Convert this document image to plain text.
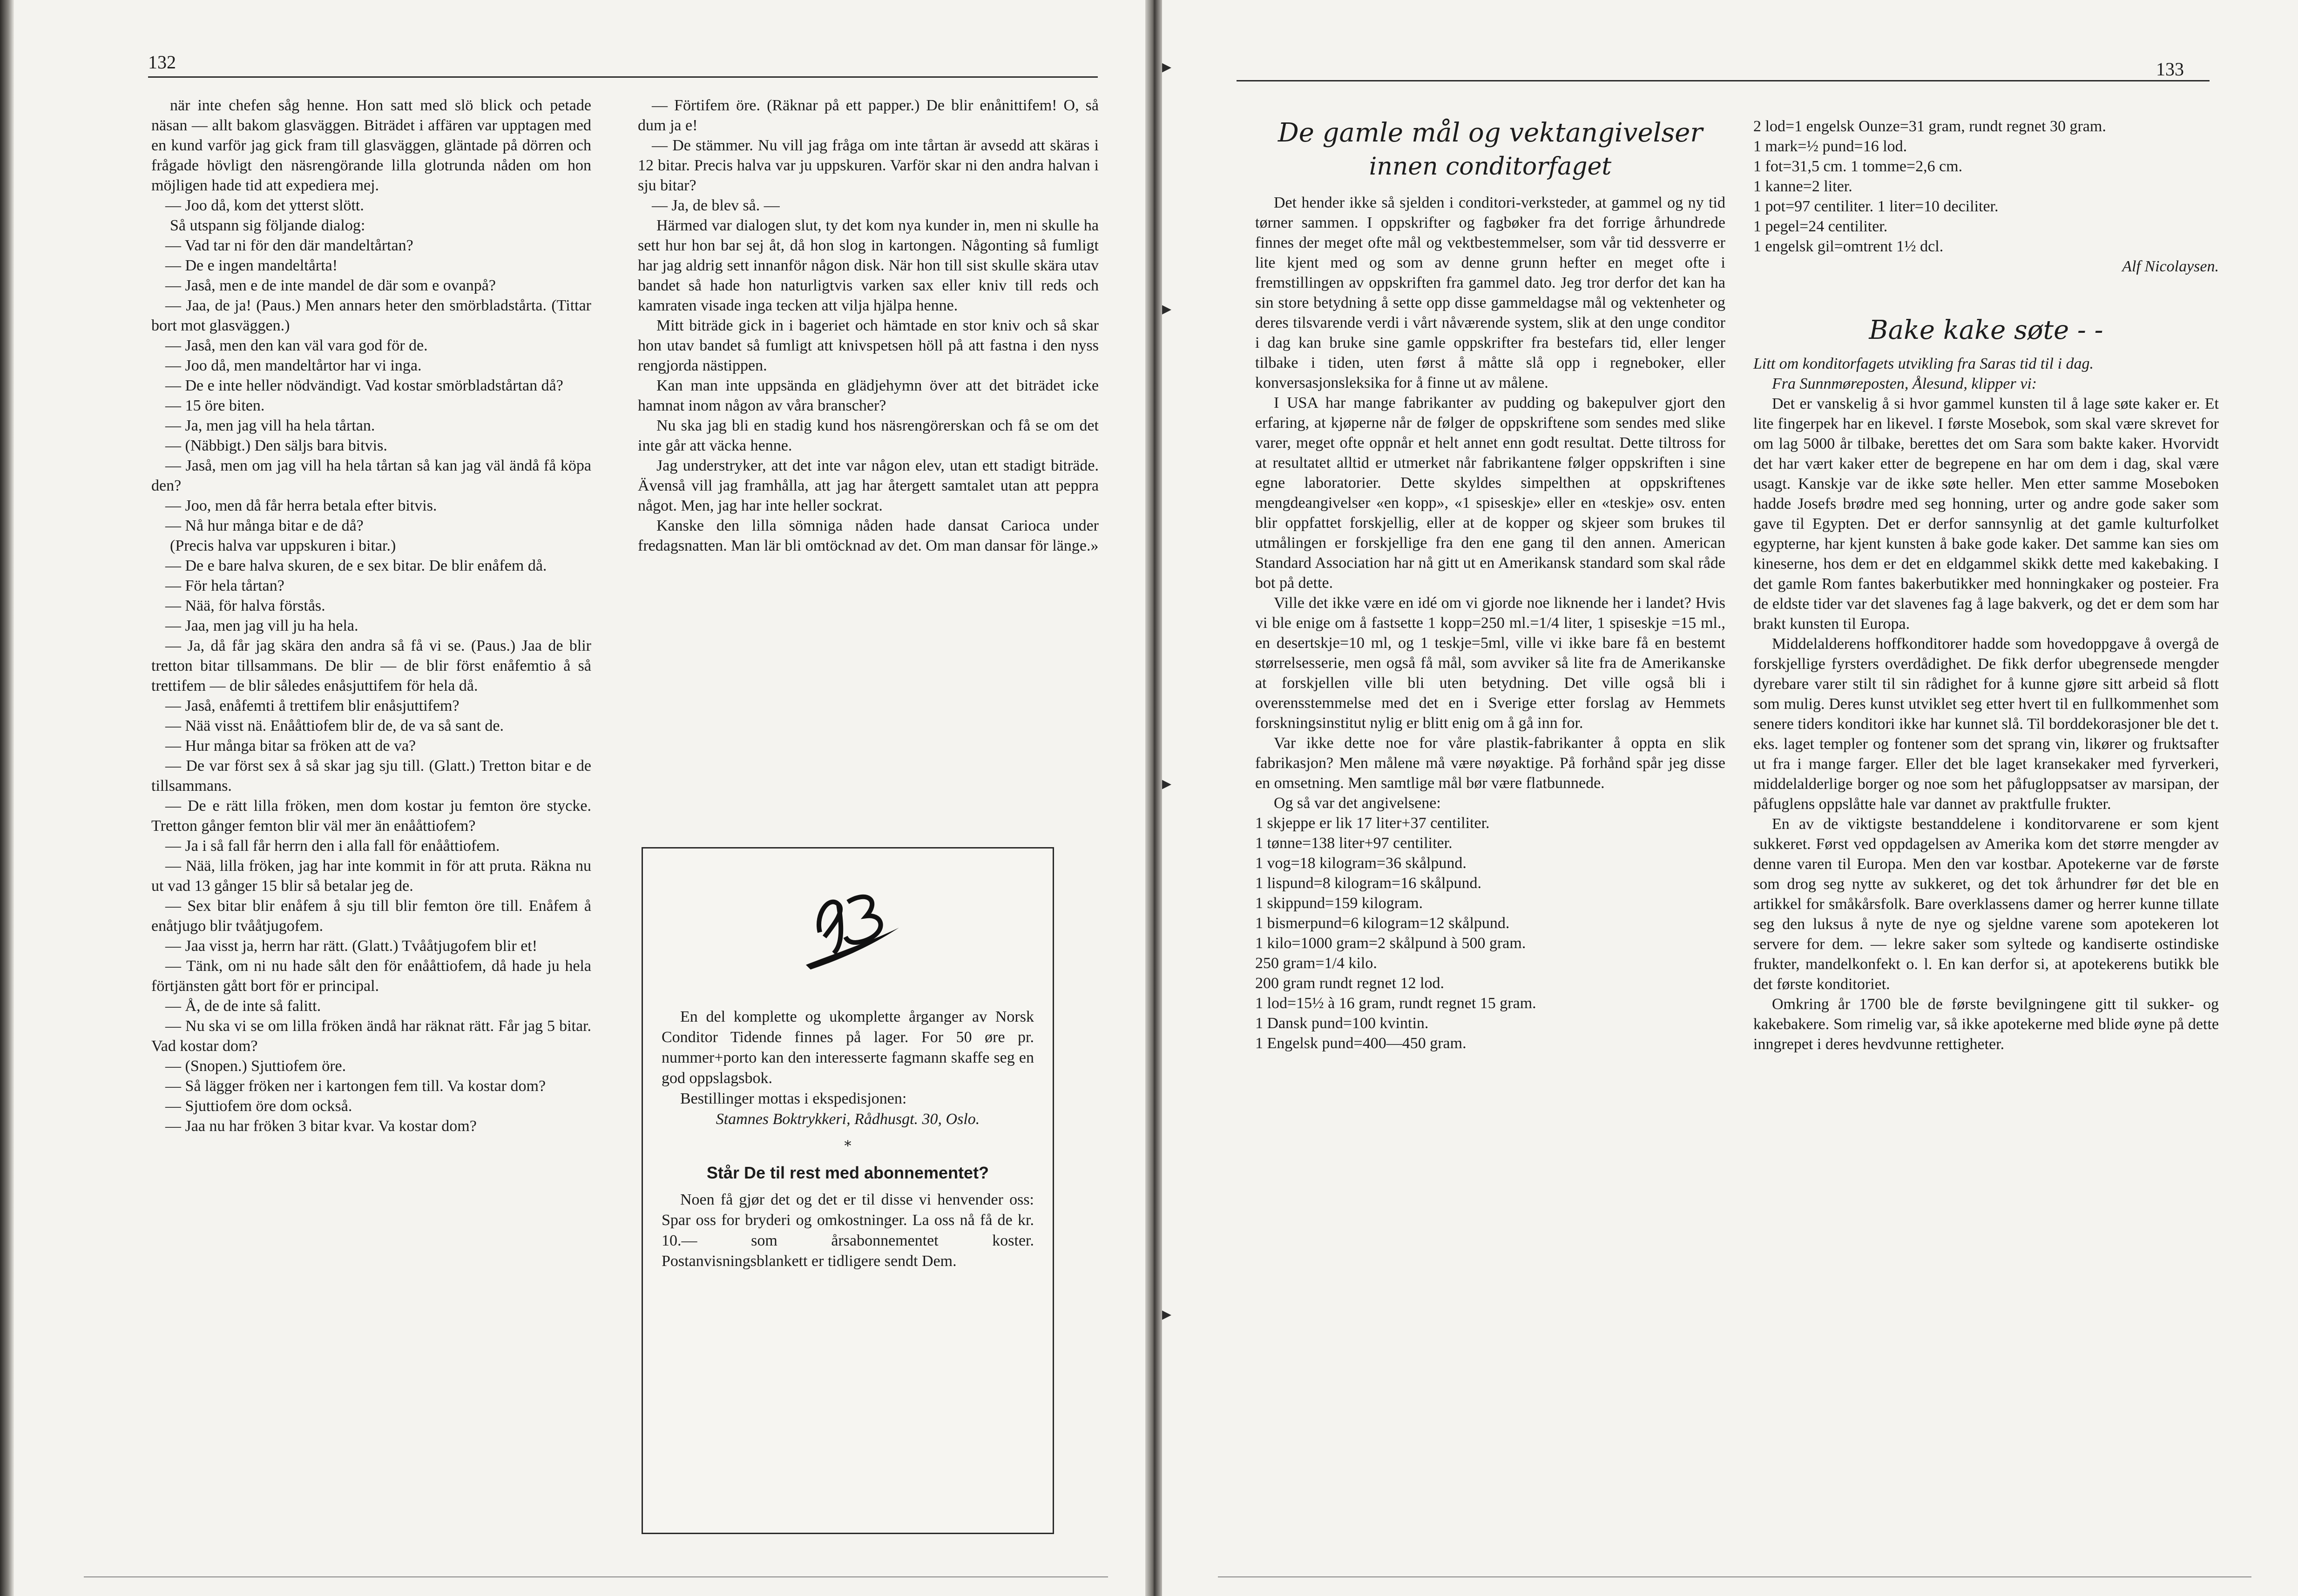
132

när inte chefen såg henne. Hon satt med slö blick och petade näsan — allt bakom glasväggen. Biträdet i affären var upptagen med en kund varför jag gick fram till glasväggen, gläntade på dörren och frågade hövligt den näsrengörande lilla glotrunda nåden om hon möjligen hade tid att expediera mej.

— Joo då, kom det ytterst slött.

Så utspann sig följande dialog:

— Vad tar ni för den där mandeltårtan?

— De e ingen mandeltårta!

— Jaså, men e de inte mandel de där som e ovanpå?

— Jaa, de ja! (Paus.) Men annars heter den smörbladstårta. (Tittar bort mot glasväggen.)

— Jaså, men den kan väl vara god för de.

— Joo då, men mandeltårtor har vi inga.

— De e inte heller nödvändigt. Vad kostar smörbladstårtan då?

— 15 öre biten.

— Ja, men jag vill ha hela tårtan.

— (Näbbigt.) Den säljs bara bitvis.

— Jaså, men om jag vill ha hela tårtan så kan jag väl ändå få köpa den?

— Joo, men då får herra betala efter bitvis.

— Nå hur många bitar e de då?

(Precis halva var uppskuren i bitar.)

— De e bare halva skuren, de e sex bitar. De blir enåfem då.

— För hela tårtan?

— Nää, för halva förstås.

— Jaa, men jag vill ju ha hela.

— Ja, då får jag skära den andra så få vi se. (Paus.) Jaa de blir tretton bitar tillsammans. De blir — de blir först enåfemtio å så trettifem — de blir således enåsjuttifem för hela då.

— Jaså, enåfemti å trettifem blir enåsjuttifem?

— Nää visst nä. Enååttiofem blir de, de va så sant de.

— Hur många bitar sa fröken att de va?

— De var först sex å så skar jag sju till. (Glatt.) Tretton bitar e de tillsammans.

— De e rätt lilla fröken, men dom kostar ju femton öre stycke. Tretton gånger femton blir väl mer än enååttiofem?

— Ja i så fall får herrn den i alla fall för enååttiofem.

— Nää, lilla fröken, jag har inte kommit in för att pruta. Räkna nu ut vad 13 gånger 15 blir så betalar jeg de.

— Sex bitar blir enåfem å sju till blir femton öre till. Enåfem å enåtjugo blir tvååtjugofem.

— Jaa visst ja, herrn har rätt. (Glatt.) Tvååtjugofem blir et!

— Tänk, om ni nu hade sålt den för enååttiofem, då hade ju hela förtjänsten gått bort för er principal.

— Å, de de inte så falitt.

— Nu ska vi se om lilla fröken ändå har räknat rätt. Får jag 5 bitar. Vad kostar dom?

— (Snopen.) Sjuttiofem öre.

— Så lägger fröken ner i kartongen fem till. Va kostar dom?

— Sjuttiofem öre dom också.

— Jaa nu har fröken 3 bitar kvar. Va kostar dom?

— Förtifem öre. (Räknar på ett papper.) De blir enånittifem! O, så dum ja e!

— De stämmer. Nu vill jag fråga om inte tårtan är avsedd att skäras i 12 bitar. Precis halva var ju uppskuren. Varför skar ni den andra halvan i sju bitar?

— Ja, de blev så. —

Härmed var dialogen slut, ty det kom nya kunder in, men ni skulle ha sett hur hon bar sej åt, då hon slog in kartongen. Någonting så fumligt har jag aldrig sett innanför någon disk. När hon till sist skulle skära utav bandet så hade hon naturligtvis varken sax eller kniv till reds och kamraten visade inga tecken att vilja hjälpa henne.

Mitt biträde gick in i bageriet och hämtade en stor kniv och så skar hon utav bandet så fumligt att knivspetsen höll på att fastna i den nyss rengjorda nästippen.

Kan man inte uppsända en glädjehymn över att det biträdet icke hamnat inom någon av våra branscher?

Nu ska jag bli en stadig kund hos näsrengörerskan och få se om det inte går att väcka henne.

Jag understryker, att det inte var någon elev, utan ett stadigt biträde. Ävenså vill jag framhålla, att jag har återgett samtalet utan att peppra något. Men, jag har inte heller sockrat.

Kanske den lilla sömniga nåden hade dansat Carioca under fredagsnatten. Man lär bli omtöcknad av det. Om man dansar för länge.»

En del komplette og ukomplette årganger av Norsk Conditor Tidende finnes på lager. For 50 øre pr. nummer+porto kan den interesserte fagmann skaffe seg en god oppslagsbok.

Bestillinger mottas i ekspedisjonen:

Stamnes Boktrykkeri, Rådhusgt. 30, Oslo.

*

Står De til rest med abonnementet?

Noen få gjør det og det er til disse vi henvender oss: Spar oss for bryderi og omkostninger. La oss nå få de kr. 10.— som årsabonnementet koster. Postanvisningsblankett er tidligere sendt Dem.

▸
▸
▸
▸
133
De gamle mål og vektangivelser
innen conditorfaget

Det hender ikke så sjelden i conditori-verksteder, at gammel og ny tid tørner sammen. I oppskrifter og fagbøker fra det forrige århundrede finnes der meget ofte mål og vektbestemmelser, som vår tid dessverre er lite kjent med og som av denne grunn hefter en meget ofte i fremstillingen av oppskriften fra gammel dato. Jeg tror derfor det kan ha sin store betydning å sette opp disse gammeldagse mål og vektenheter og deres tilsvarende verdi i vårt nåværende system, slik at den unge conditor i dag kan bruke sine gamle oppskrifter fra bestefars tid, eller lenger tilbake i tiden, uten først å måtte slå opp i regneboker, eller konversasjonsleksika for å finne ut av målene.

I USA har mange fabrikanter av pudding og bakepulver gjort den erfaring, at kjøperne når de følger de oppskriftene som sendes med slike varer, meget ofte oppnår et helt annet enn godt resultat. Dette tiltross for at resultatet alltid er utmerket når fabrikantene følger oppskriften i sine egne laboratorier. Dette skyldes simpelthen at oppskriftenes mengdeangivelser «en kopp», «1 spiseskje» eller en «teskje» osv. enten blir oppfattet forskjellig, eller at de kopper og skjeer som brukes til utmålingen er forskjellige fra den ene gang til den annen. American Standard Association har nå gitt ut en Amerikansk standard som skal råde bot på dette.

Ville det ikke være en idé om vi gjorde noe liknende her i landet? Hvis vi ble enige om å fastsette 1 kopp=250 ml.=1/4 liter, 1 spiseskje =15 ml., en desertskje=10 ml, og 1 teskje=5ml, ville vi ikke bare få en bestemt størrelsesserie, men også få mål, som avviker så lite fra de Amerikanske at forskjellen ville bli uten betydning. Det ville også bli i overensstemmelse med det en i Sverige etter forslag av Hemmets forskningsinstitut nylig er blitt enig om å gå inn for.

Var ikke dette noe for våre plastik-fabrikanter å oppta en slik fabrikasjon? Men målene må være nøyaktige. På forhånd spår jeg disse en omsetning. Men samtlige mål bør være flatbunnede.

Og så var det angivelsene:

1 skjeppe er lik 17 liter+37 centiliter.
1 tønne=138 liter+97 centiliter.
1 vog=18 kilogram=36 skålpund.
1 lispund=8 kilogram=16 skålpund.
1 skippund=159 kilogram.
1 bismerpund=6 kilogram=12 skålpund.
1 kilo=1000 gram=2 skålpund à 500 gram.
250 gram=1/4 kilo.
200 gram rundt regnet 12 lod.
1 lod=15½ à 16 gram, rundt regnet 15 gram.
1 Dansk pund=100 kvintin.
1 Engelsk pund=400—450 gram.
2 lod=1 engelsk Ounze=31 gram, rundt regnet 30 gram.
1 mark=½ pund=16 lod.
1 fot=31,5 cm. 1 tomme=2,6 cm.
1 kanne=2 liter.
1 pot=97 centiliter. 1 liter=10 deciliter.
1 pegel=24 centiliter.
1 engelsk gil=omtrent 1½ dcl.
Alf Nicolaysen.
Bake kake søte - -

Litt om konditorfagets utvikling fra Saras tid til i dag.

Fra Sunnmøreposten, Ålesund, klipper vi:

Det er vanskelig å si hvor gammel kunsten til å lage søte kaker er. Et lite fingerpek har en likevel. I første Mosebok, som skal være skrevet for om lag 5000 år tilbake, berettes det om Sara som bakte kaker. Hvorvidt det har vært kaker etter de begrepene en har om dem i dag, skal være usagt. Kanskje var de ikke søte heller. Men etter samme Moseboken hadde Josefs brødre med seg honning, urter og andre gode saker som gave til Egypten. Det er derfor sannsynlig at det gamle kulturfolket egypterne, har kjent kunsten å bake gode kaker. Det samme kan sies om kineserne, hos dem er det en eldgammel skikk dette med kakebaking. I det gamle Rom fantes bakerbutikker med honningkaker og posteier. Fra de eldste tider var det slavenes fag å lage bakverk, og det er dem som har brakt kunsten til Europa.

Middelalderens hoffkonditorer hadde som hovedoppgave å overgå de forskjellige fyrsters overdådighet. De fikk derfor ubegrensede mengder dyrebare varer stilt til sin rådighet for å kunne gjøre sitt arbeid så flott som mulig. Deres kunst utviklet seg etter hvert til en fullkommenhet som senere tiders konditori ikke har kunnet slå. Til borddekorasjoner ble det t. eks. laget templer og fontener som det sprang vin, likører og fruktsafter ut fra i mange farger. Eller det ble laget kransekaker med fyrverkeri, middelalderlige borger og noe som het påfugloppsatser av marsipan, der påfuglens oppslåtte hale var dannet av praktfulle frukter.

En av de viktigste bestanddelene i konditorvarene er som kjent sukkeret. Først ved oppdagelsen av Amerika kom det større mengder av denne varen til Europa. Men den var kostbar. Apotekerne var de første som drog seg nytte av sukkeret, og det tok århundrer før det ble en artikkel for småkårsfolk. Bare overklassens damer og herrer kunne tillate seg den luksus å nyte de nye og sjeldne varene som apotekeren lot servere for dem. — lekre saker som syltede og kandiserte ostindiske frukter, mandelkonfekt o. l. En kan derfor si, at apotekerens butikk ble det første konditoriet.

Omkring år 1700 ble de første bevilgningene gitt til sukker- og kakebakere. Som rimelig var, så ikke apotekerne med blide øyne på dette inngrepet i deres hevdvunne rettigheter.
